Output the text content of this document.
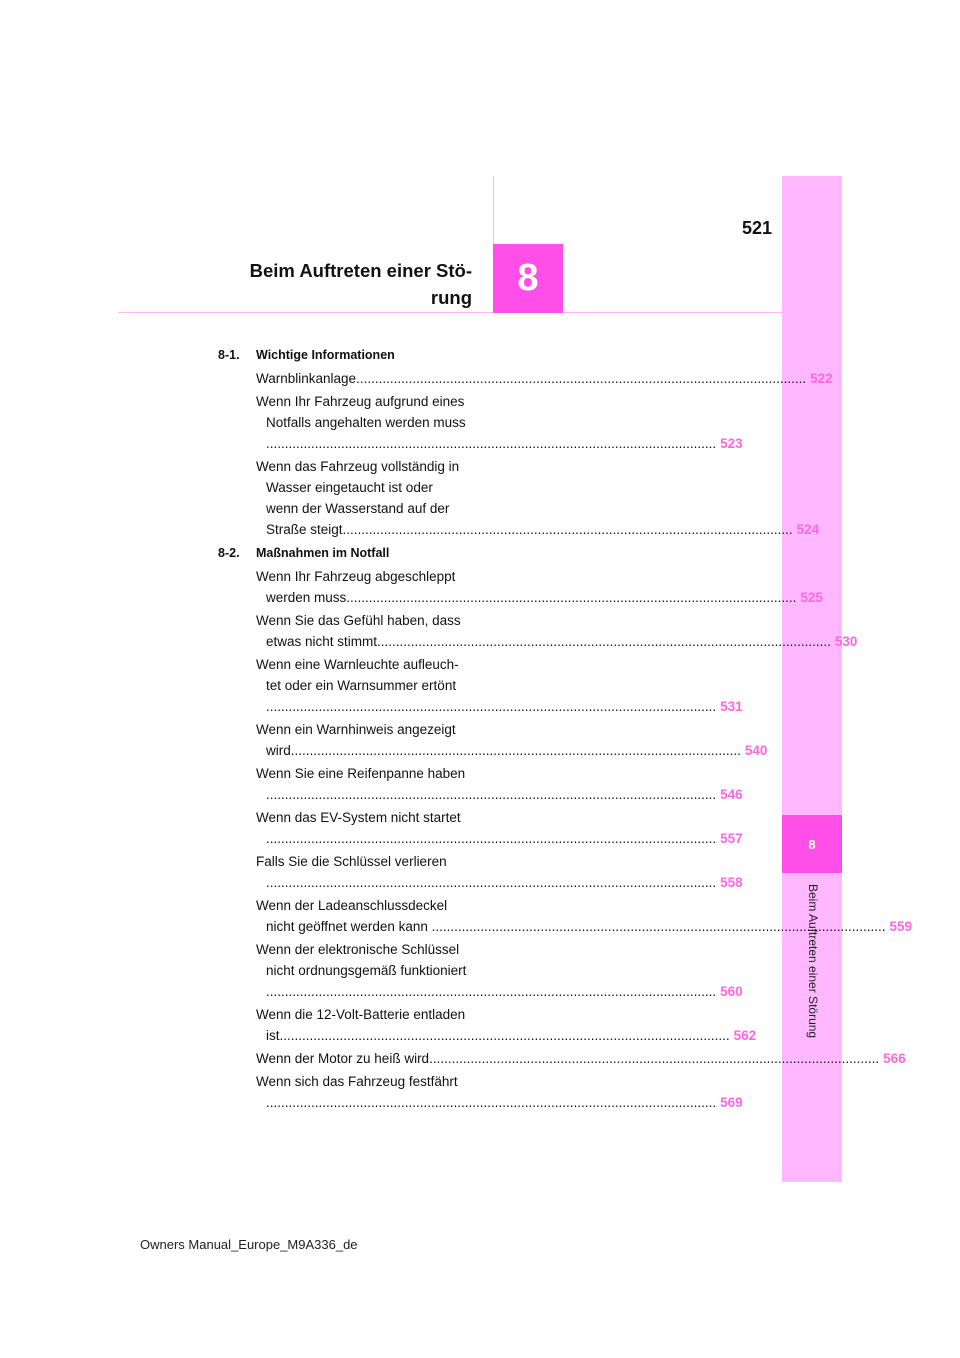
8
Beim Auftreten einer Störung
521
Beim Auftreten einer Stö-
rung	8
8-1.	Wichtige Informationen
Warnblinkanlage ........................................................................................................................ 522
Wenn Ihr Fahrzeug aufgrund eines
Notfalls angehalten werden muss
........................................................................................................................ 523
Wenn das Fahrzeug vollständig in
Wasser eingetaucht ist oder
wenn der Wasserstand auf der
Straße steigt ........................................................................................................................ 524
8-2.	Maßnahmen im Notfall
Wenn Ihr Fahrzeug abgeschleppt
werden muss ........................................................................................................................ 525
Wenn Sie das Gefühl haben, dass
etwas nicht stimmt. ........................................................................................................................ 530
Wenn eine Warnleuchte aufleuch-
tet oder ein Warnsummer ertönt
........................................................................................................................ 531
Wenn ein Warnhinweis angezeigt
wird ........................................................................................................................ 540
Wenn Sie eine Reifenpanne haben
........................................................................................................................ 546
Wenn das EV-System nicht startet
........................................................................................................................ 557
Falls Sie die Schlüssel verlieren
........................................................................................................................ 558
Wenn der Ladeanschlussdeckel
nicht geöffnet werden kann . ........................................................................................................................ 559
Wenn der elektronische Schlüssel
nicht ordnungsgemäß funktioniert
........................................................................................................................ 560
Wenn die 12-Volt-Batterie entladen
ist ........................................................................................................................ 562
Wenn der Motor zu heiß wird ........................................................................................................................ 566
Wenn sich das Fahrzeug festfährt
........................................................................................................................ 569
Owners Manual_Europe_M9A336_de
